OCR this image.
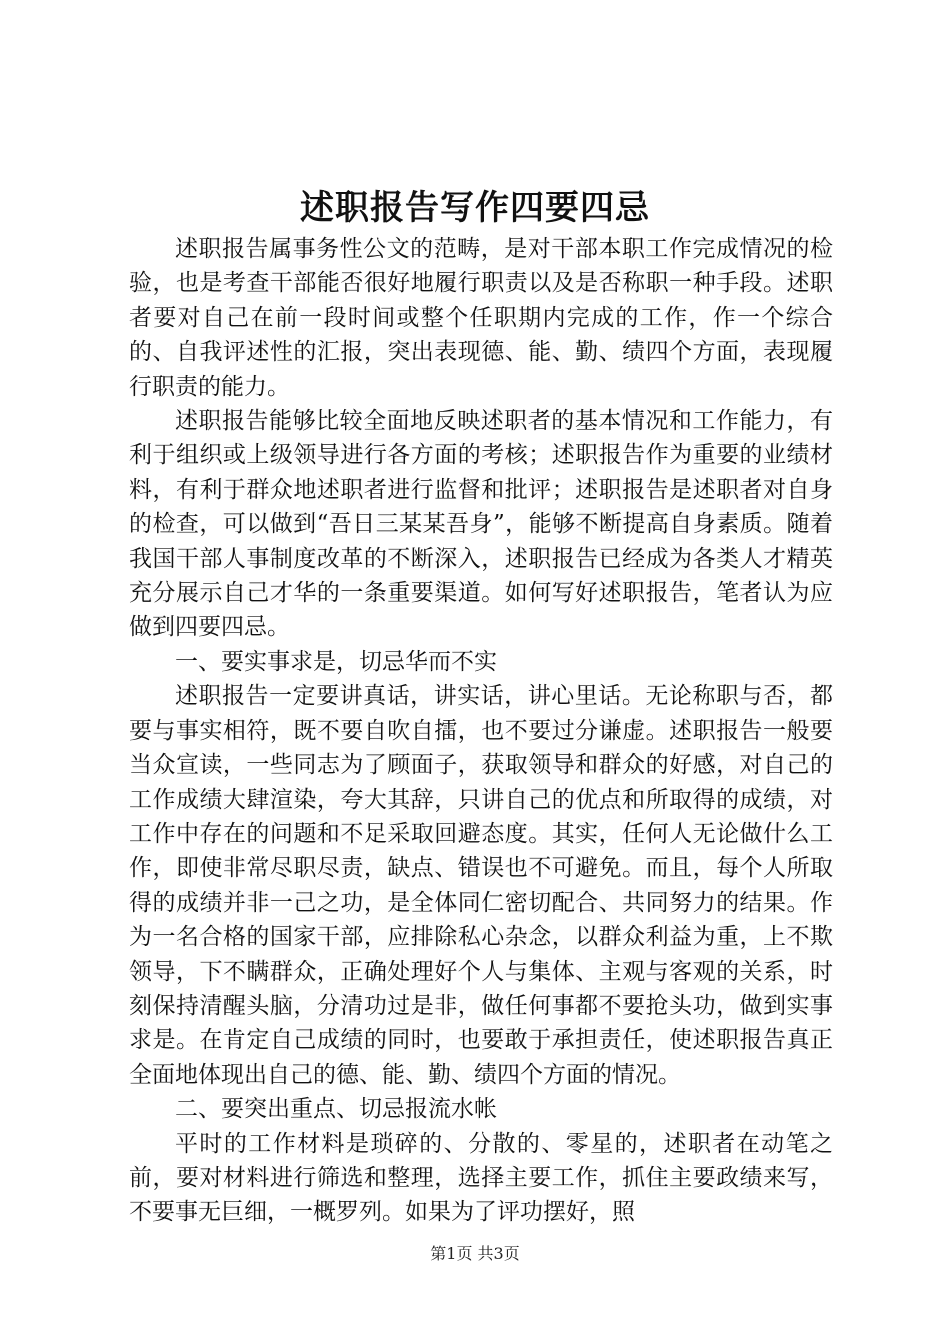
述职报告写作四要四忌

述职报告属事务性公文的范畴，是对干部本职工作完成情况的检验，也是考查干部能否很好地履行职责以及是否称职一种手段。述职者要对自己在前一段时间或整个任职期内完成的工作，作一个综合的、自我评述性的汇报，突出表现德、能、勤、绩四个方面，表现履行职责的能力。

述职报告能够比较全面地反映述职者的基本情况和工作能力，有利于组织或上级领导进行各方面的考核；述职报告作为重要的业绩材料，有利于群众地述职者进行监督和批评；述职报告是述职者对自身的检查，可以做到“吾日三某某吾身”，能够不断提高自身素质。随着我国干部人事制度改革的不断深入，述职报告已经成为各类人才精英充分展示自己才华的一条重要渠道。如何写好述职报告，笔者认为应做到四要四忌。

一、要实事求是，切忌华而不实

述职报告一定要讲真话，讲实话，讲心里话。无论称职与否，都要与事实相符，既不要自吹自擂，也不要过分谦虚。述职报告一般要当众宣读，一些同志为了顾面子，获取领导和群众的好感，对自己的工作成绩大肆渲染，夸大其辞，只讲自己的优点和所取得的成绩，对工作中存在的问题和不足采取回避态度。其实，任何人无论做什么工作，即使非常尽职尽责，缺点、错误也不可避免。而且，每个人所取得的成绩并非一己之功，是全体同仁密切配合、共同努力的结果。作为一名合格的国家干部，应排除私心杂念，以群众利益为重，上不欺领导，下不瞒群众，正确处理好个人与集体、主观与客观的关系，时刻保持清醒头脑，分清功过是非，做任何事都不要抢头功，做到实事求是。在肯定自己成绩的同时，也要敢于承担责任，使述职报告真正全面地体现出自己的德、能、勤、绩四个方面的情况。

二、要突出重点、切忌报流水帐

平时的工作材料是琐碎的、分散的、零星的，述职者在动笔之前，要对材料进行筛选和整理，选择主要工作，抓住主要政绩来写，不要事无巨细，一概罗列。如果为了评功摆好，照

第1页 共3页
